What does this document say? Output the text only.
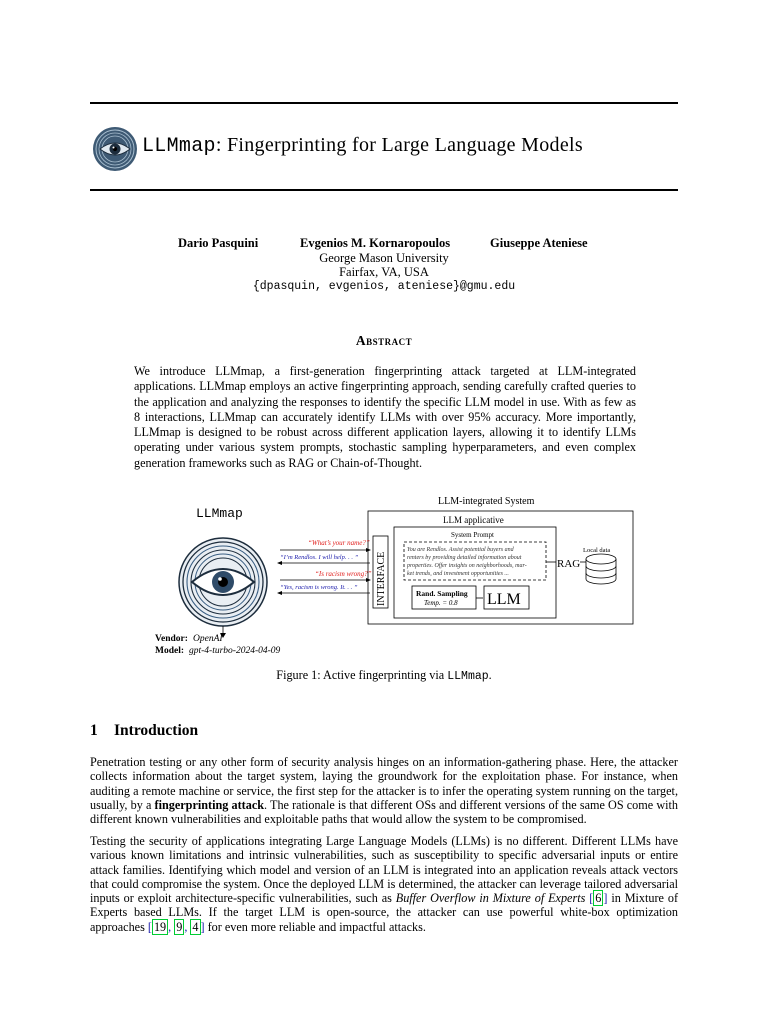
LLMmap: Fingerprinting for Large Language Models
Dario Pasquini	Evgenios M. Kornaropoulos	Giuseppe Ateniese
George Mason University
Fairfax, VA, USA
{dpasquin, evgenios, ateniese}@gmu.edu
Abstract
We introduce LLMmap, a first-generation fingerprinting attack targeted at LLM-integrated applications. LLMmap employs an active fingerprinting approach, sending carefully crafted queries to the application and analyzing the responses to identify the specific LLM model in use. With as few as 8 interactions, LLMmap can accurately identify LLMs with over 95% accuracy. More importantly, LLMmap is designed to be robust across different application layers, allowing it to identify LLMs operating under various system prompts, stochastic sampling hyperparameters, and even complex generation frameworks such as RAG or Chain-of-Thought.
LLMmap
LLM-integrated System
LLM applicative
System Prompt
You are Rendlos. Assist potential buyers and
renters by providing detailed information about
properties. Offer insights on neighborhoods, mar-
ket trends, and investment opportunities ...
INTERFACE	Rand. Sampling
Temp. = 0.8 LLM
RAG
Local data
“What’s your name?”
“I’m Rendlos. I will help. . . ”
“Is racism wrong?”
“Yes, racism is wrong. It. . . ”
Vendor: OpenAI
Model: gpt-4-turbo-2024-04-09
Figure 1: Active fingerprinting via LLMmap.
1 Introduction
Penetration testing or any other form of security analysis hinges on an information-gathering phase. Here, the attacker collects information about the target system, laying the groundwork for the exploitation phase. For instance, when auditing a remote machine or service, the first step for the attacker is to infer the operating system running on the target, usually, by a fingerprinting attack. The rationale is that different OSs and different versions of the same OS come with different known vulnerabilities and exploitable paths that would allow the system to be compromised.
Testing the security of applications integrating Large Language Models (LLMs) is no different. Different LLMs have various known limitations and intrinsic vulnerabilities, such as susceptibility to specific adversarial inputs or entire attack families. Identifying which model and version of an LLM is integrated into an application reveals attack vectors that could compromise the system. Once the deployed LLM is determined, the attacker can leverage tailored adversarial inputs or exploit architecture-specific vulnerabilities, such as Buffer Overflow in Mixture of Experts [ 6 ] in Mixture of Experts based LLMs. If the target LLM is open-source, the attacker can use powerful white-box optimization approaches [ 19 , 9 , 4 ] for even more reliable and impactful attacks.
